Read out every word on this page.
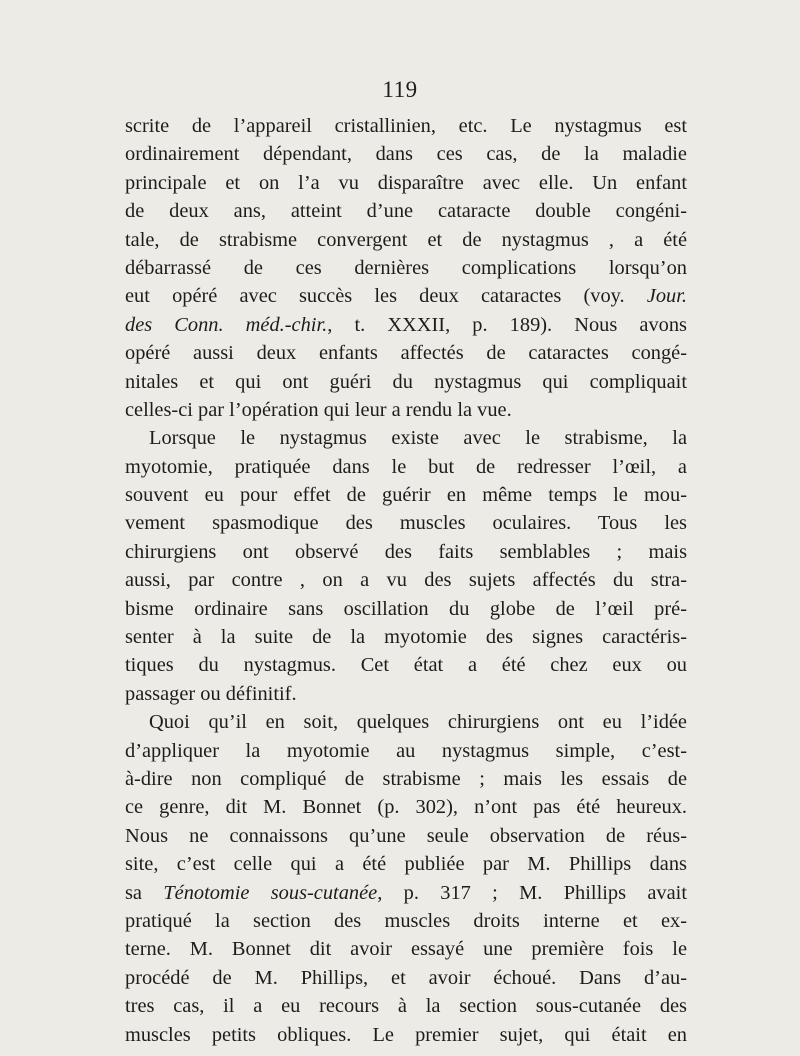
119
scrite de l’appareil cristallinien, etc. Le nystagmus est
ordinairement dépendant, dans ces cas, de la maladie
principale et on l’a vu disparaître avec elle. Un enfant
de deux ans, atteint d’une cataracte double congéni-
tale, de strabisme convergent et de nystagmus , a été
débarrassé de ces dernières complications lorsqu’on
eut opéré avec succès les deux cataractes (voy. Jour.
des Conn. méd.-chir., t. XXXII, p. 189). Nous avons
opéré aussi deux enfants affectés de cataractes congé-
nitales et qui ont guéri du nystagmus qui compliquait
celles-ci par l’opération qui leur a rendu la vue.
Lorsque le nystagmus existe avec le strabisme, la
myotomie, pratiquée dans le but de redresser l’œil, a
souvent eu pour effet de guérir en même temps le mou-
vement spasmodique des muscles oculaires. Tous les
chirurgiens ont observé des faits semblables ; mais
aussi, par contre , on a vu des sujets affectés du stra-
bisme ordinaire sans oscillation du globe de l’œil pré-
senter à la suite de la myotomie des signes caractéris-
tiques du nystagmus. Cet état a été chez eux ou
passager ou définitif.
Quoi qu’il en soit, quelques chirurgiens ont eu l’idée
d’appliquer la myotomie au nystagmus simple, c’est-
à-dire non compliqué de strabisme ; mais les essais de
ce genre, dit M. Bonnet (p. 302), n’ont pas été heureux.
Nous ne connaissons qu’une seule observation de réus-
site, c’est celle qui a été publiée par M. Phillips dans
sa Ténotomie sous-cutanée, p. 317 ; M. Phillips avait
pratiqué la section des muscles droits interne et ex-
terne. M. Bonnet dit avoir essayé une première fois le
procédé de M. Phillips, et avoir échoué. Dans d’au-
tres cas, il a eu recours à la section sous-cutanée des
muscles petits obliques. Le premier sujet, qui était en
